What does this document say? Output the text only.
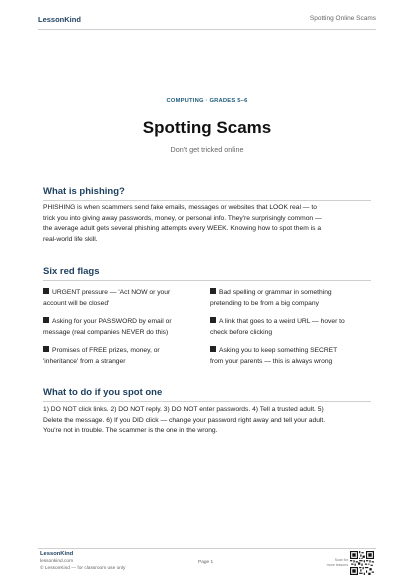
LessonKind	Spotting Online Scams
COMPUTING · GRADES 5–6
Spotting Scams
Don't get tricked online
What is phishing?
PHISHING is when scammers send fake emails, messages or websites that LOOK real — to
trick you into giving away passwords, money, or personal info. They're surprisingly common —
the average adult gets several phishing attempts every WEEK. Knowing how to spot them is a
real-world life skill.
Six red flags
URGENT pressure — 'Act NOW or your
account will be closed'
Bad spelling or grammar in something
pretending to be from a big company
Asking for your PASSWORD by email or
message (real companies NEVER do this)
A link that goes to a weird URL — hover to
check before clicking
Promises of FREE prizes, money, or
'inheritance' from a stranger
Asking you to keep something SECRET
from your parents — this is always wrong
What to do if you spot one
1) DO NOT click links. 2) DO NOT reply. 3) DO NOT enter passwords. 4) Tell a trusted adult. 5)
Delete the message. 6) If you DID click — change your password right away and tell your adult.
You're not in trouble. The scammer is the one in the wrong.
LessonKind
lessonkind.com
© LessonKind — for classroom use only
Page 1	Scan for
more lessons
